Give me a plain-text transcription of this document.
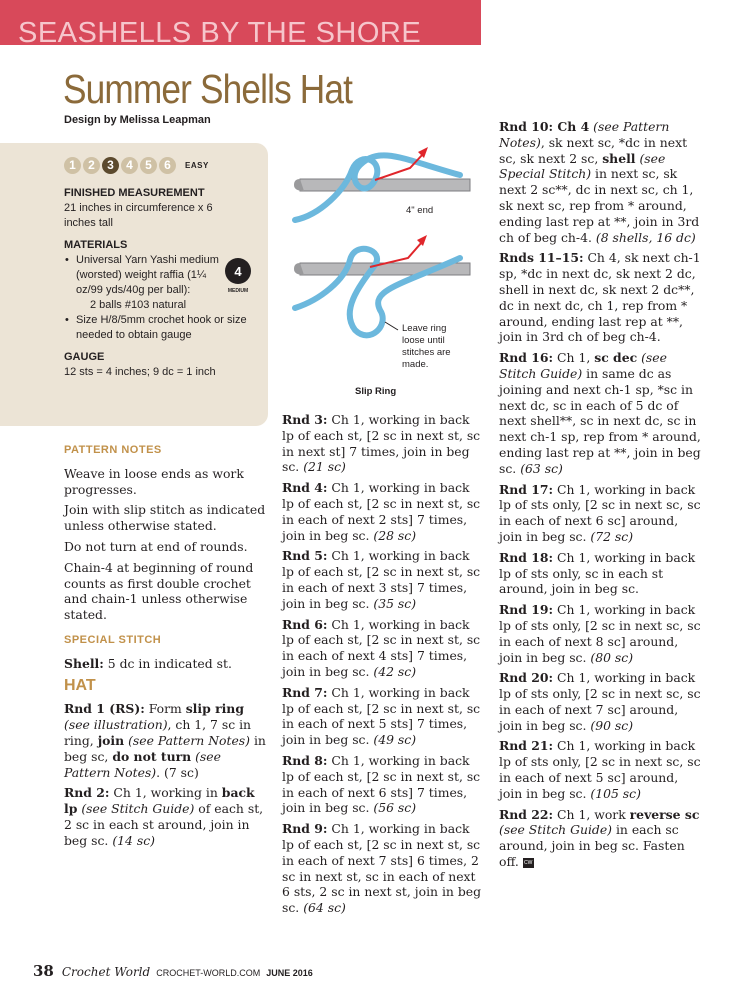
SEASHELLS BY THE SHORE
Summer Shells Hat
Design by Melissa Leapman
1	2	3	4	5	6	EASY
FINISHED MEASUREMENT
21 inches in circumference x 6 inches tall
MATERIALS
• Universal Yarn Yashi medium (worsted) weight raffia (1¼ oz/99 yds/40g per ball):
2 balls #103 natural
• Size H/8/5mm crochet hook or size needed to obtain gauge
4
MEDIUM
GAUGE
12 sts = 4 inches; 9 dc = 1 inch
4" end
Leave ring loose until stitches are made.
Slip Ring
PATTERN NOTES

Weave in loose ends as work progresses.

Join with slip stitch as indicated unless otherwise stated.

Do not turn at end of rounds.

Chain-4 at beginning of round counts as first double crochet and chain-1 unless otherwise stated.

SPECIAL STITCH

Shell: 5 dc in indicated st.

HAT

Rnd 1 (RS): Form slip ring (see illustration), ch 1, 7 sc in ring, join (see Pattern Notes) in beg sc, do not turn (see Pattern Notes). (7 sc)

Rnd 2: Ch 1, working in back lp (see Stitch Guide) of each st, 2 sc in each st around, join in beg sc. (14 sc)

Rnd 3: Ch 1, working in back lp of each st, [2 sc in next st, sc in next st] 7 times, join in beg sc. (21 sc)

Rnd 4: Ch 1, working in back lp of each st, [2 sc in next st, sc in each of next 2 sts] 7 times, join in beg sc. (28 sc)

Rnd 5: Ch 1, working in back lp of each st, [2 sc in next st, sc in each of next 3 sts] 7 times, join in beg sc. (35 sc)

Rnd 6: Ch 1, working in back lp of each st, [2 sc in next st, sc in each of next 4 sts] 7 times, join in beg sc. (42 sc)

Rnd 7: Ch 1, working in back lp of each st, [2 sc in next st, sc in each of next 5 sts] 7 times, join in beg sc. (49 sc)

Rnd 8: Ch 1, working in back lp of each st, [2 sc in next st, sc in each of next 6 sts] 7 times, join in beg sc. (56 sc)

Rnd 9: Ch 1, working in back lp of each st, [2 sc in next st, sc in each of next 7 sts] 6 times, 2 sc in next st, sc in each of next 6 sts, 2 sc in next st, join in beg sc. (64 sc)

Rnd 10: Ch 4 (see Pattern Notes), sk next sc, *dc in next sc, sk next 2 sc, shell (see Special Stitch) in next sc, sk next 2 sc**, dc in next sc, ch 1, sk next sc, rep from * around, ending last rep at **, join in 3rd ch of beg ch-4. (8 shells, 16 dc)

Rnds 11–15: Ch 4, sk next ch-1 sp, *dc in next dc, sk next 2 dc, shell in next dc, sk next 2 dc**, dc in next dc, ch 1, rep from * around, ending last rep at **, join in 3rd ch of beg ch-4.

Rnd 16: Ch 1, sc dec (see Stitch Guide) in same dc as joining and next ch-1 sp, *sc in next dc, sc in each of 5 dc of next shell**, sc in next dc, sc in next ch-1 sp, rep from * around, ending last rep at **, join in beg sc. (63 sc)

Rnd 17: Ch 1, working in back lp of sts only, [2 sc in next sc, sc in each of next 6 sc] around, join in beg sc. (72 sc)

Rnd 18: Ch 1, working in back lp of sts only, sc in each st around, join in beg sc.

Rnd 19: Ch 1, working in back lp of sts only, [2 sc in next sc, sc in each of next 8 sc] around, join in beg sc. (80 sc)

Rnd 20: Ch 1, working in back lp of sts only, [2 sc in next sc, sc in each of next 7 sc] around, join in beg sc. (90 sc)

Rnd 21: Ch 1, working in back lp of sts only, [2 sc in next sc, sc in each of next 5 sc] around, join in beg sc. (105 sc)

Rnd 22: Ch 1, work reverse sc (see Stitch Guide) in each sc around, join in beg sc. Fasten off. CW

38 Crochet World CROCHET-WORLD.COM JUNE 2016
